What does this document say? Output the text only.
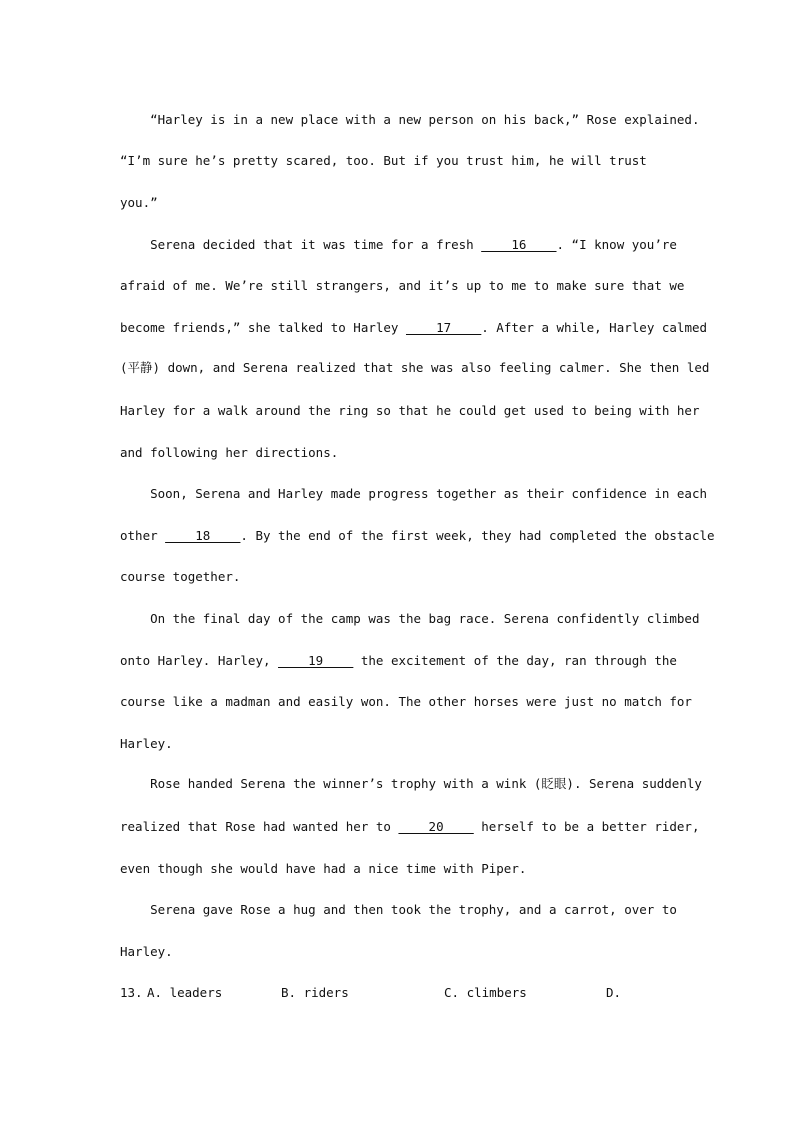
“Harley is in a new place with a new person on his back,” Rose explained.
“I’m sure he’s pretty scared, too. But if you trust him, he will trust
you.”
Serena decided that it was time for a fresh ____16____. “I know you’re
afraid of me. We’re still strangers, and it’s up to me to make sure that we
become friends,” she talked to Harley ____17____. After a while, Harley calmed
(平静) down, and Serena realized that she was also feeling calmer. She then led
Harley for a walk around the ring so that he could get used to being with her
and following her directions.
Soon, Serena and Harley made progress together as their confidence in each
other ____18____. By the end of the first week, they had completed the obstacle
course together.
On the final day of the camp was the bag race. Serena confidently climbed
onto Harley. Harley, ____19____ the excitement of the day, ran through the
course like a madman and easily won. The other horses were just no match for
Harley.
Rose handed Serena the winner’s trophy with a wink (眨眼). Serena suddenly
realized that Rose had wanted her to ____20____ herself to be a better rider,
even though she would have had a nice time with Piper.
Serena gave Rose a hug and then took the trophy, and a carrot, over to
Harley.
13. A. leaders	B. riders	C. climbers	D.
